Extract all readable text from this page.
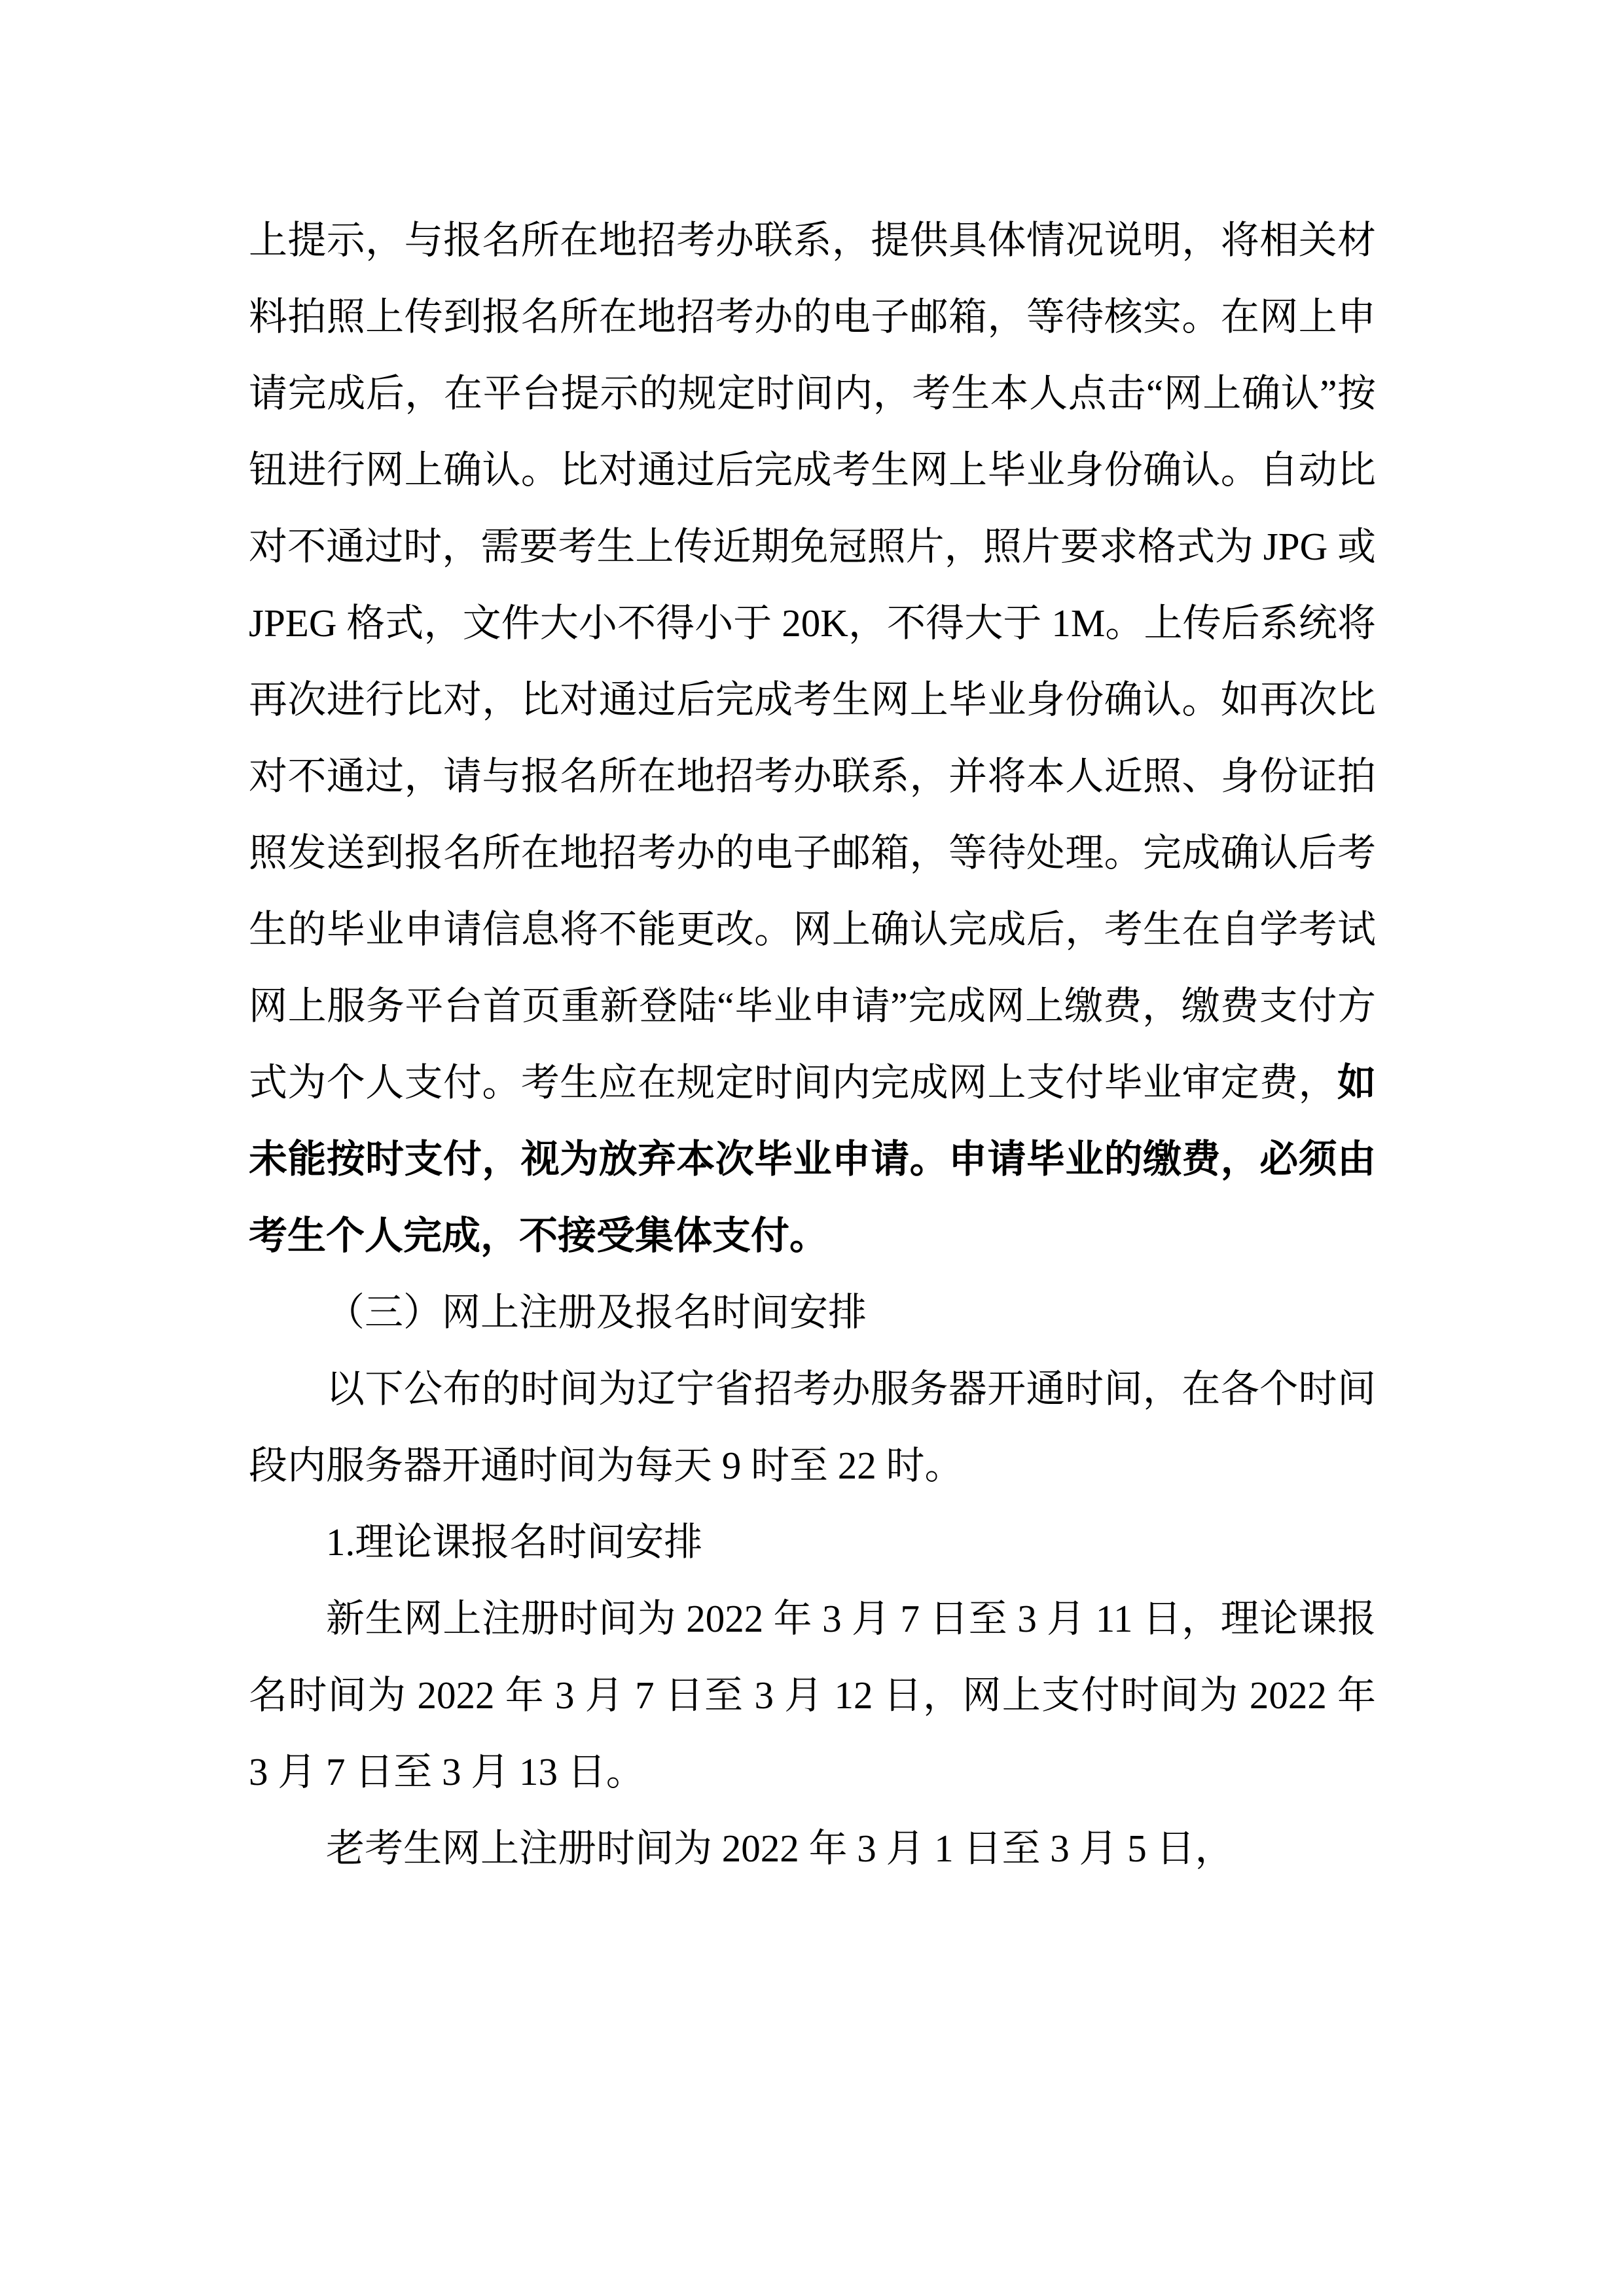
上提示，与报名所在地招考办联系，提供具体情况说明，将相关材料拍照上传到报名所在地招考办的电子邮箱，等待核实。在网上申请完成后，在平台提示的规定时间内，考生本人点击“网上确认”按钮进行网上确认。比对通过后完成考生网上毕业身份确认。自动比对不通过时，需要考生上传近期免冠照片，照片要求格式为 JPG 或 JPEG 格式，文件大小不得小于 20K，不得大于 1M。上传后系统将再次进行比对，比对通过后完成考生网上毕业身份确认。如再次比对不通过，请与报名所在地招考办联系，并将本人近照、身份证拍照发送到报名所在地招考办的电子邮箱，等待处理。完成确认后考生的毕业申请信息将不能更改。网上确认完成后，考生在自学考试网上服务平台首页重新登陆“毕业申请”完成网上缴费，缴费支付方式为个人支付。考生应在规定时间内完成网上支付毕业审定费，如未能按时支付，视为放弃本次毕业申请。申请毕业的缴费，必须由考生个人完成，不接受集体支付。

（三）网上注册及报名时间安排

以下公布的时间为辽宁省招考办服务器开通时间，在各个时间段内服务器开通时间为每天 9 时至 22 时。

1.理论课报名时间安排

新生网上注册时间为 2022 年 3 月 7 日至 3 月 11 日，理论课报名时间为 2022 年 3 月 7 日至 3 月 12 日，网上支付时间为 2022 年 3 月 7 日至 3 月 13 日。

老考生网上注册时间为 2022 年 3 月 1 日至 3 月 5 日，
